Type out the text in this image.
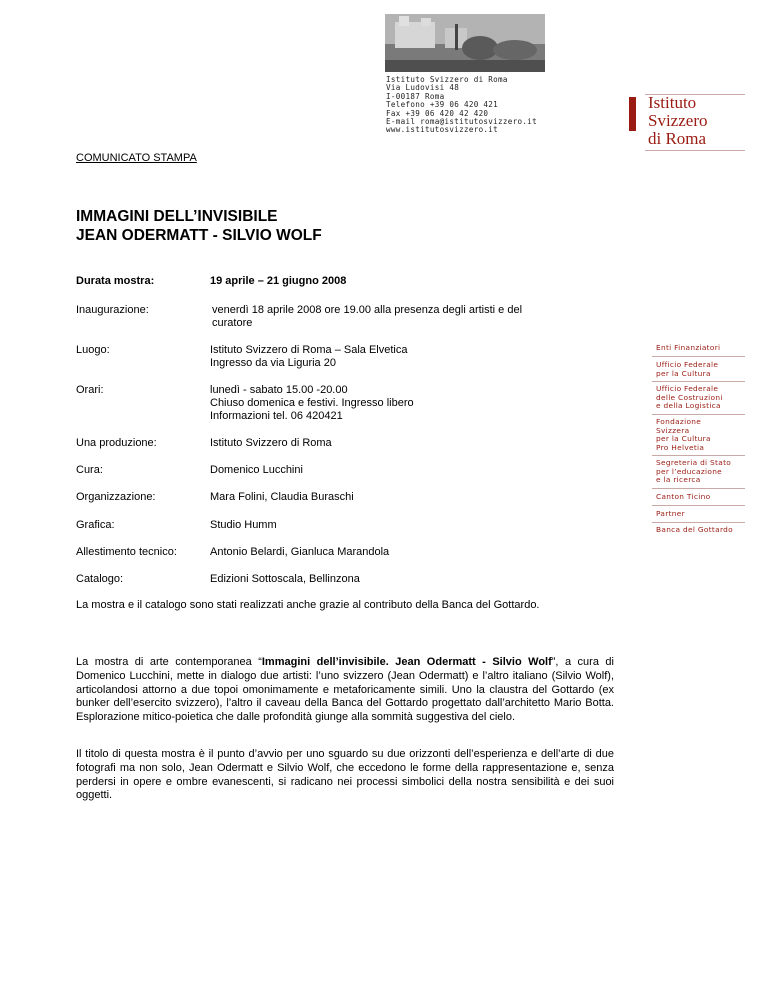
Istituto Svizzero di Roma
Via Ludovisi 48
I-00187 Roma
Telefono +39 06 420 421
Fax +39 06 420 42 420
E-mail roma@istitutosvizzero.it
www.istitutosvizzero.it
Istituto
Svizzero
di Roma
COMUNICATO STAMPA
IMMAGINI DELL’INVISIBILE
JEAN ODERMATT - SILVIO WOLF
Durata mostra:	19 aprile – 21 giugno 2008
Inaugurazione:	venerdì 18 aprile 2008 ore 19.00 alla presenza degli artisti e del
curatore
Luogo:	Istituto Svizzero di Roma – Sala Elvetica
Ingresso da via Liguria 20
Orari:	lunedì - sabato 15.00 -20.00
Chiuso domenica e festivi. Ingresso libero
Informazioni tel. 06 420421
Una produzione:	Istituto Svizzero di Roma
Cura:	Domenico Lucchini
Organizzazione:	Mara Folini, Claudia Buraschi
Grafica:	Studio Humm
Allestimento tecnico:	Antonio Belardi, Gianluca Marandola
Catalogo:	Edizioni Sottoscala, Bellinzona
La mostra e il catalogo sono stati realizzati anche grazie al contributo della Banca del Gottardo.
La mostra di arte contemporanea “Immagini dell’invisibile. Jean Odermatt - Silvio Wolf”, a cura di Domenico Lucchini, mette in dialogo due artisti: l’uno svizzero (Jean Odermatt) e l’altro italiano (Silvio Wolf), articolandosi attorno a due topoi omonimamente e metaforicamente simili. Uno la claustra del Gottardo (ex bunker dell’esercito svizzero), l’altro il caveau della Banca del Gottardo progettato dall’architetto Mario Botta. Esplorazione mitico-poietica che dalle profondità giunge alla sommità suggestiva del cielo.
Il titolo di questa mostra è il punto d’avvio per uno sguardo su due orizzonti dell’esperienza e dell’arte di due fotografi ma non solo, Jean Odermatt e Silvio Wolf, che eccedono le forme della rappresentazione e, senza perdersi in opere e ombre evanescenti, si radicano nei processi simbolici della nostra sensibilità e dei suoi oggetti.
Enti Finanziatori
Ufficio Federale
per la Cultura
Ufficio Federale
delle Costruzioni
e della Logistica
Fondazione
Svizzera
per la Cultura
Pro Helvetia
Segreteria di Stato
per l’educazione
e la ricerca
Canton Ticino
Partner
Banca del Gottardo
